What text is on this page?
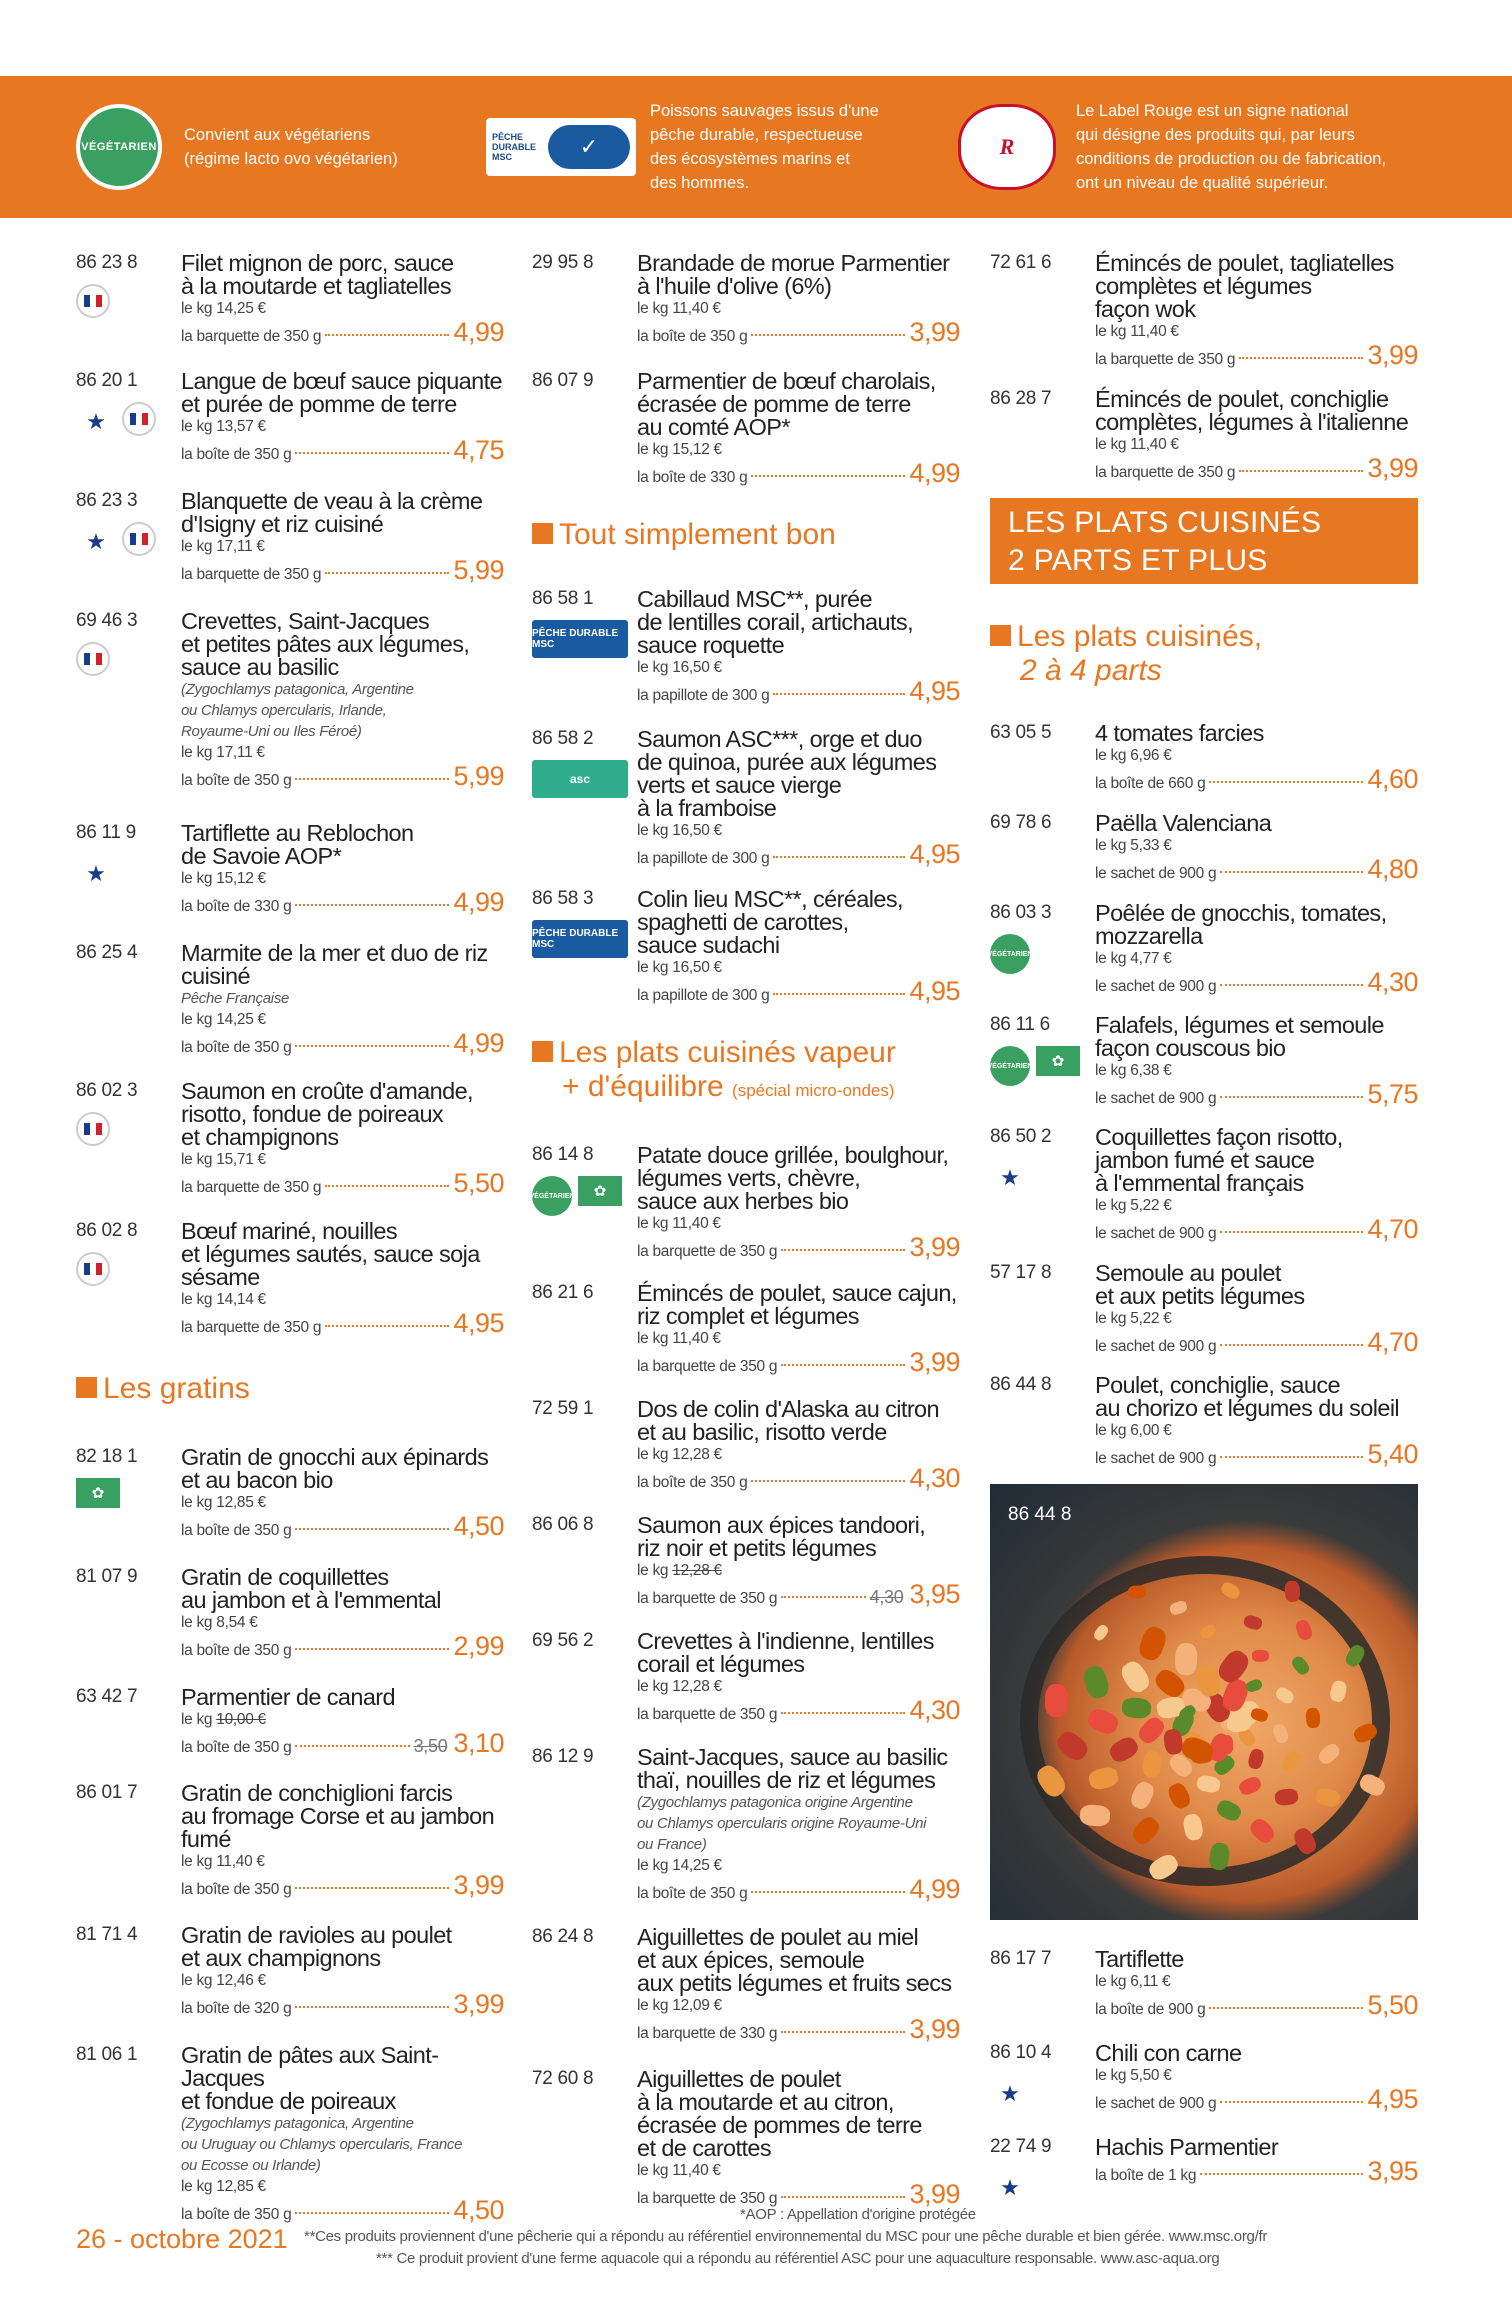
VÉGÉTARIEN
Convient aux végétariens
(régime lacto ovo végétarien)
PÊCHE DURABLE MSC	✓
Poissons sauvages issus d'une
pêche durable, respectueuse
des écosystèmes marins et
des hommes.
R
Le Label Rouge est un signe national
qui désigne des produits qui, par leurs
conditions de production ou de fabrication,
ont un niveau de qualité supérieur.
Les gratins
Tout simplement bon
Les plats cuisinés vapeur
+ d'équilibre (spécial micro-ondes)
LES PLATS CUISINÉS
2 PARTS ET PLUS
Les plats cuisinés,
2 à 4 parts
86 44 8
86 23 8 Filet mignon de porc, sauce
à la moutarde et tagliatelles
le kg 14,25 €
la barquette de 350 g	4,99
86 20 1
★
Langue de bœuf sauce piquante
et purée de pomme de terre
le kg 13,57 €
la boîte de 350 g	4,75
86 23 3
★
Blanquette de veau à la crème
d'Isigny et riz cuisiné
le kg 17,11 €
la barquette de 350 g	5,99
69 46 3 Crevettes, Saint-Jacques
et petites pâtes aux légumes,
sauce au basilic
(Zygochlamys patagonica, Argentine
ou Chlamys opercularis, Irlande,
Royaume-Uni ou Iles Féroé)
le kg 17,11 €
la boîte de 350 g	5,99
86 11 9
★
Tartiflette au Reblochon
de Savoie AOP*
le kg 15,12 €
la boîte de 330 g	4,99
86 25 4 Marmite de la mer et duo de riz
cuisiné
Pêche Française
le kg 14,25 €
la boîte de 350 g	4,99
86 02 3 Saumon en croûte d'amande,
risotto, fondue de poireaux
et champignons
le kg 15,71 €
la barquette de 350 g	5,50
86 02 8 Bœuf mariné, nouilles
et légumes sautés, sauce soja
sésame
le kg 14,14 €
la barquette de 350 g	4,95
82 18 1
✿
Gratin de gnocchi aux épinards
et au bacon bio
le kg 12,85 €
la boîte de 350 g	4,50
81 07 9 Gratin de coquillettes
au jambon et à l'emmental
le kg 8,54 €
la boîte de 350 g	2,99
63 42 7 Parmentier de canard
le kg 10,00 €
la boîte de 350 g	3,50 3,10
86 01 7 Gratin de conchiglioni farcis
au fromage Corse et au jambon
fumé
le kg 11,40 €
la boîte de 350 g	3,99
81 71 4 Gratin de ravioles au poulet
et aux champignons
le kg 12,46 €
la boîte de 320 g	3,99
81 06 1 Gratin de pâtes aux Saint-Jacques
et fondue de poireaux
(Zygochlamys patagonica, Argentine
ou Uruguay ou Chlamys opercularis, France
ou Ecosse ou Irlande)
le kg 12,85 €
la boîte de 350 g	4,50
29 95 8 Brandade de morue Parmentier
à l'huile d'olive (6%)
le kg 11,40 €
la boîte de 350 g	3,99
86 07 9 Parmentier de bœuf charolais,
écrasée de pomme de terre
au comté AOP*
le kg 15,12 €
la boîte de 330 g	4,99
86 58 1
PÊCHE DURABLE MSC
Cabillaud MSC**, purée
de lentilles corail, artichauts,
sauce roquette
le kg 16,50 €
la papillote de 300 g	4,95
86 58 2
asc
Saumon ASC***, orge et duo
de quinoa, purée aux légumes
verts et sauce vierge
à la framboise
le kg 16,50 €
la papillote de 300 g	4,95
86 58 3
PÊCHE DURABLE MSC
Colin lieu MSC**, céréales,
spaghetti de carottes,
sauce sudachi
le kg 16,50 €
la papillote de 300 g	4,95
86 14 8
VÉGÉTARIEN	✿
Patate douce grillée, boulghour,
légumes verts, chèvre,
sauce aux herbes bio
le kg 11,40 €
la barquette de 350 g	3,99
86 21 6 Émincés de poulet, sauce cajun,
riz complet et légumes
le kg 11,40 €
la barquette de 350 g	3,99
72 59 1 Dos de colin d'Alaska au citron
et au basilic, risotto verde
le kg 12,28 €
la boîte de 350 g	4,30
86 06 8 Saumon aux épices tandoori,
riz noir et petits légumes
le kg 12,28 €
la barquette de 350 g	4,30 3,95
69 56 2 Crevettes à l'indienne, lentilles
corail et légumes
le kg 12,28 €
la barquette de 350 g	4,30
86 12 9 Saint-Jacques, sauce au basilic
thaï, nouilles de riz et légumes
(Zygochlamys patagonica origine Argentine
ou Chlamys opercularis origine Royaume-Uni
ou France)
le kg 14,25 €
la boîte de 350 g	4,99
86 24 8 Aiguillettes de poulet au miel
et aux épices, semoule
aux petits légumes et fruits secs
le kg 12,09 €
la barquette de 330 g	3,99
72 60 8 Aiguillettes de poulet
à la moutarde et au citron,
écrasée de pommes de terre
et de carottes
le kg 11,40 €
la barquette de 350 g	3,99
72 61 6 Émincés de poulet, tagliatelles
complètes et légumes
façon wok
le kg 11,40 €
la barquette de 350 g	3,99
86 28 7 Émincés de poulet, conchiglie
complètes, légumes à l'italienne
le kg 11,40 €
la barquette de 350 g	3,99
63 05 5 4 tomates farcies
le kg 6,96 €
la boîte de 660 g	4,60
69 78 6 Paëlla Valenciana
le kg 5,33 €
le sachet de 900 g	4,80
86 03 3
VÉGÉTARIEN
Poêlée de gnocchis, tomates,
mozzarella
le kg 4,77 €
le sachet de 900 g	4,30
86 11 6
VÉGÉTARIEN	✿
Falafels, légumes et semoule
façon couscous bio
le kg 6,38 €
le sachet de 900 g	5,75
86 50 2
★
Coquillettes façon risotto,
jambon fumé et sauce
à l'emmental français
le kg 5,22 €
le sachet de 900 g	4,70
57 17 8 Semoule au poulet
et aux petits légumes
le kg 5,22 €
le sachet de 900 g	4,70
86 44 8 Poulet, conchiglie, sauce
au chorizo et légumes du soleil
le kg 6,00 €
le sachet de 900 g	5,40
86 17 7 Tartiflette
le kg 6,11 €
la boîte de 900 g	5,50
86 10 4
★
Chili con carne
le kg 5,50 €
le sachet de 900 g	4,95
22 74 9
★
Hachis Parmentier
la boîte de 1 kg	3,95
26 - octobre 2021
*AOP : Appellation d'origine protégée
**Ces produits proviennent d'une pêcherie qui a répondu au référentiel environnemental du MSC pour une pêche durable et bien gérée. www.msc.org/fr
*** Ce produit provient d'une ferme aquacole qui a répondu au référentiel ASC pour une aquaculture responsable. www.asc-aqua.org
